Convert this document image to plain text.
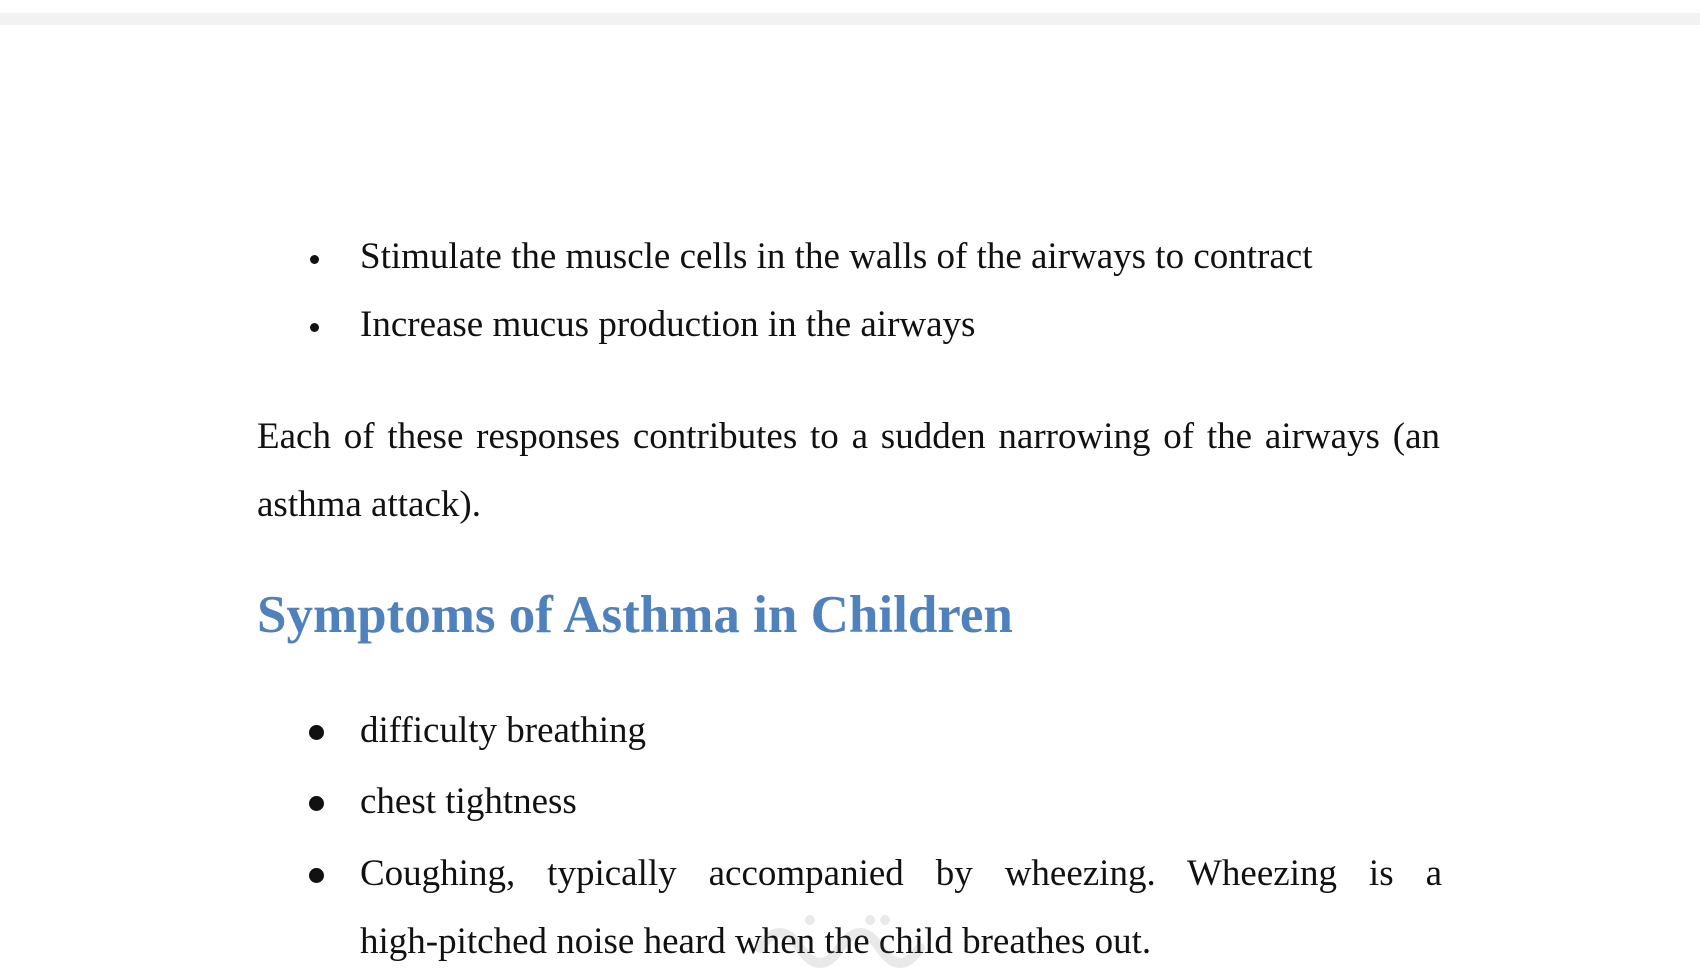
Stimulate the muscle cells in the walls of the airways to contract
Increase mucus production in the airways

Each of these responses contributes to a sudden narrowing of the airways (an asthma attack).

Symptoms of Asthma in Children
difficulty breathing
chest tightness
Coughing, typically accompanied by wheezing. Wheezing is a
high-pitched noise heard when the child breathes out.
